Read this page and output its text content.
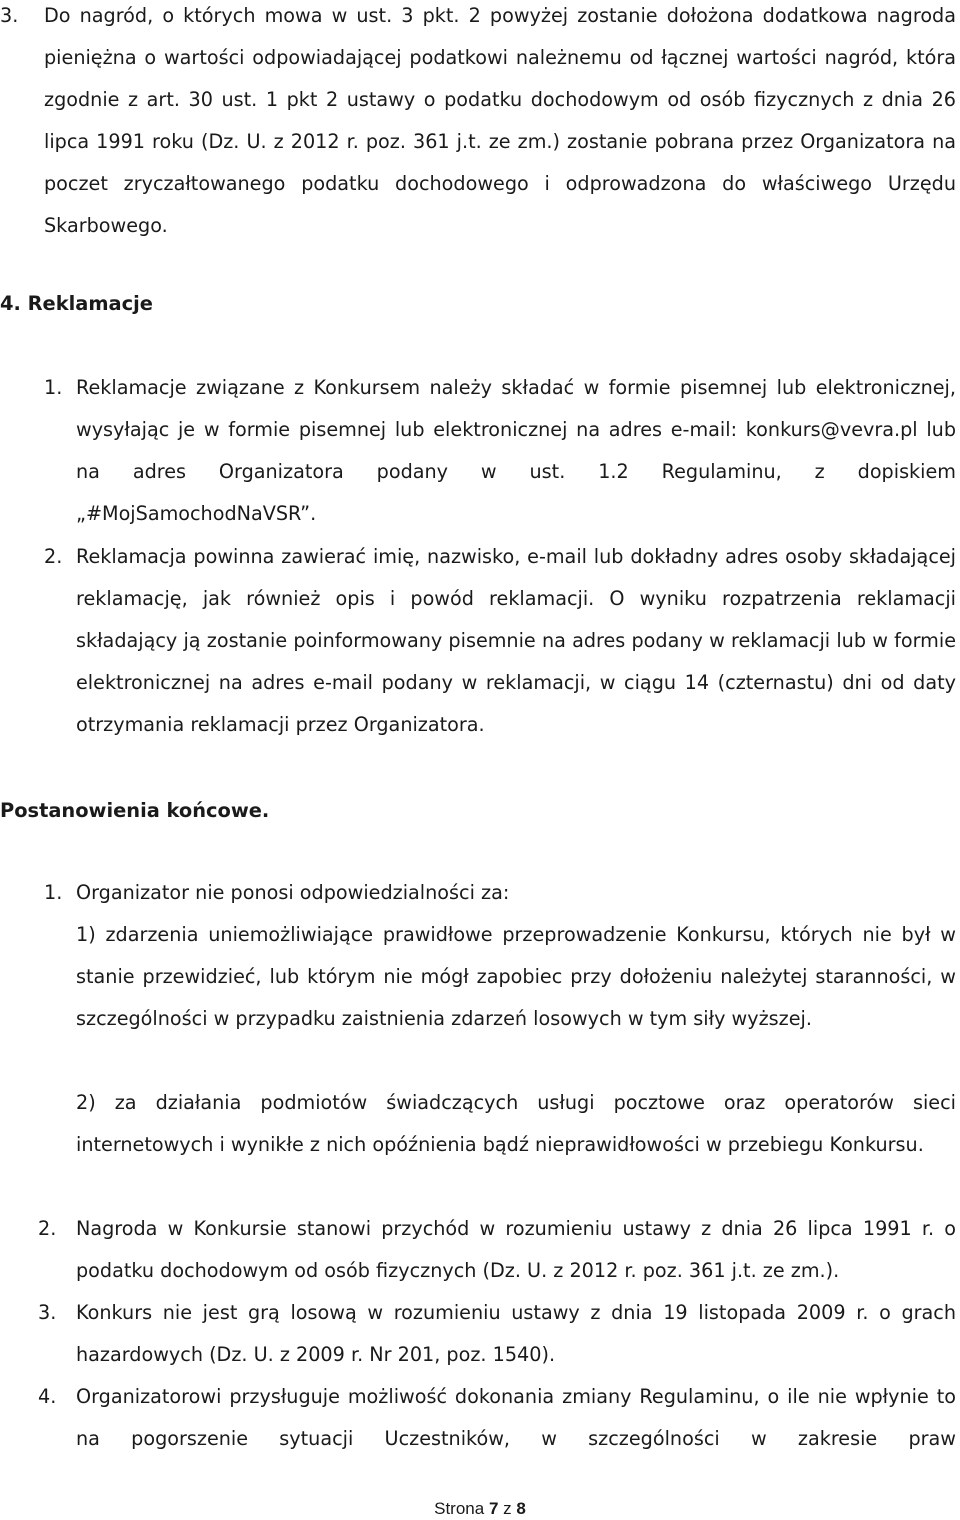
3. Do nagród, o których mowa w ust. 3 pkt. 2 powyżej zostanie dołożona dodatkowa nagroda pieniężna o wartości odpowiadającej podatkowi należnemu od łącznej wartości nagród, która zgodnie z art. 30 ust. 1 pkt 2 ustawy o podatku dochodowym od osób fizycznych z dnia 26 lipca 1991 roku (Dz. U. z 2012 r. poz. 361 j.t. ze zm.) zostanie pobrana przez Organizatora na poczet zryczałtowanego podatku dochodowego i odprowadzona do właściwego Urzędu Skarbowego.

4. Reklamacje

1. Reklamacje związane z Konkursem należy składać w formie pisemnej lub elektronicznej, wysyłając je w formie pisemnej lub elektronicznej na adres e-mail: konkurs@vevra.pl lub na adres Organizatora podany w ust. 1.2 Regulaminu, z dopiskiem „#MojSamochodNaVSR”.

2. Reklamacja powinna zawierać imię, nazwisko, e-mail lub dokładny adres osoby składającej reklamację, jak również opis i powód reklamacji. O wyniku rozpatrzenia reklamacji składający ją zostanie poinformowany pisemnie na adres podany w reklamacji lub w formie elektronicznej na adres e-mail podany w reklamacji, w ciągu 14 (czternastu) dni od daty otrzymania reklamacji przez Organizatora.

Postanowienia końcowe.

1. Organizator nie ponosi odpowiedzialności za:

1) zdarzenia uniemożliwiające prawidłowe przeprowadzenie Konkursu, których nie był w stanie przewidzieć, lub którym nie mógł zapobiec przy dołożeniu należytej staranności, w szczególności w przypadku zaistnienia zdarzeń losowych w tym siły wyższej.

2) za działania podmiotów świadczących usługi pocztowe oraz operatorów sieci internetowych i wynikłe z nich opóźnienia bądź nieprawidłowości w przebiegu Konkursu.

2. Nagroda w Konkursie stanowi przychód w rozumieniu ustawy z dnia 26 lipca 1991 r. o podatku dochodowym od osób fizycznych (Dz. U. z 2012 r. poz. 361 j.t. ze zm.).

3. Konkurs nie jest grą losową w rozumieniu ustawy z dnia 19 listopada 2009 r. o grach hazardowych (Dz. U. z 2009 r. Nr 201, poz. 1540).

4. Organizatorowi przysługuje możliwość dokonania zmiany Regulaminu, o ile nie wpłynie to na pogorszenie sytuacji Uczestników, w szczególności w zakresie praw

Strona 7 z 8
